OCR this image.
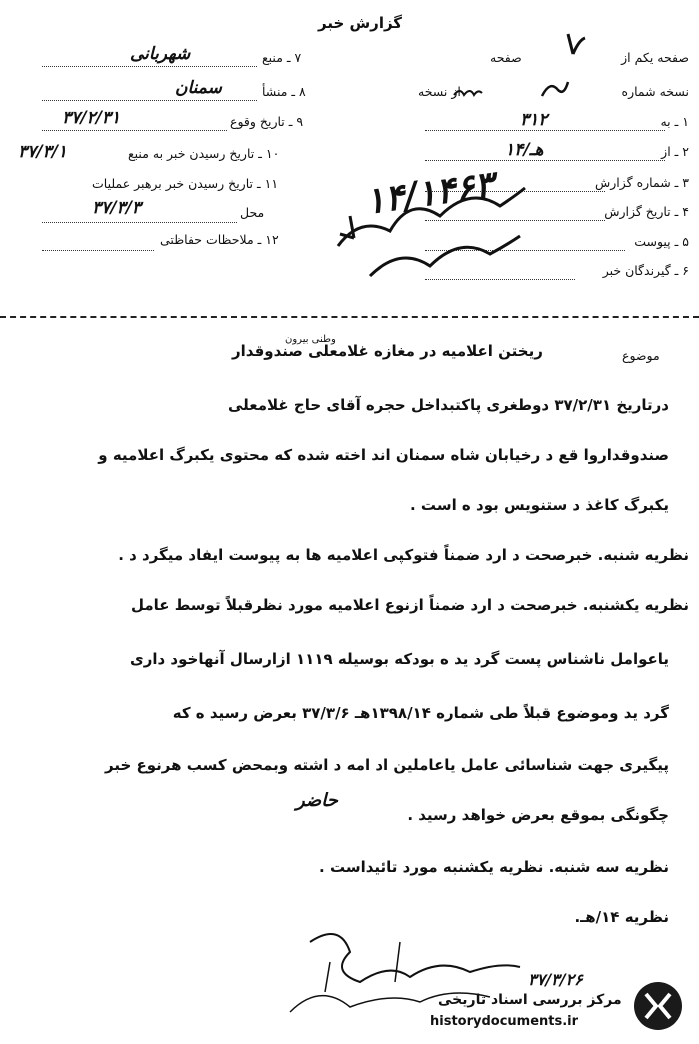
گزارش خبر
صفحه یکم از
صفحه
نسخه شماره
از نسخه
۱ ـ به
۳۱۲
۲ ـ از
۱۴/هـ
۳ ـ شماره گزارش
۴ ـ تاریخ گزارش
۵ ـ پیوست
۶ ـ گیرندگان خبر
۷ ـ منبع
شهربانی
۸ ـ منشأ
سمنان
۹ ـ تاریخ وقوع
۳۷/۲/۳۱
۱۰ ـ تاریخ رسیدن خبر به منبع
۳۷/۳/۱
۱۱ ـ تاریخ رسیدن خبر برهبر عملیات
۳۷/۳/۳	محل
۱۲ ـ ملاحظات حفاظتی
۱۴/۱۴۶۳
موضوع
ریختن اعلامیه در مغازه غلامعلی صندوقدار
وطنی بیرون
درتاریخ ۳۷/۲/۳۱ دوطغری پاکتبداخل حجره آقای حاج غلامعلی
صندوقداروا قع د رخیابان شاه سمنان اند اخته شده که محتوی یکبرگ اعلامیه و
یکبرگ کاغذ د ستنویس بود ه است .
نظریه شنبه. خبرصحت د ارد ضمناً فتوکپی اعلامیه ها به پیوست ایفاد میگرد د .
نظریه یکشنبه. خبرصحت د ارد ضمناً ازنوع اعلامیه مورد نظرقبلاً توسط عامل
یاعوامل ناشناس پست گرد ید ه بودکه بوسیله ۱۱۱۹ ازارسال آنهاخود داری
گرد ید وموضوع قبلاً طی شماره ۱۳۹۸/۱۴هـ ۳۷/۳/۶ بعرض رسید ه که
پیگیری جهت شناسائی عامل یاعاملین اد امه د اشته وبمحض کسب هرنوع خبر
چگونگی بموقع بعرض خواهد رسید .
حاضر
نظریه سه شنبه. نظریه یکشنبه مورد تائیداست .
نظریه ۱۴/هـ.
۳۷/۳/۲۶
مرکز بررسی اسناد تاریخی
historydocuments.ir
